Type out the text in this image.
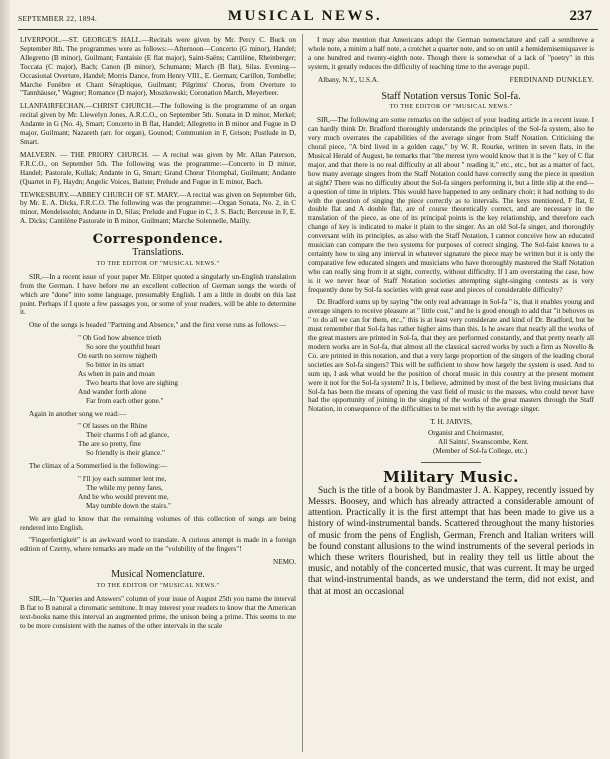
SEPTEMBER 22, 1894.	MUSICAL NEWS.	237

LIVERPOOL.—ST. GEORGE'S HALL.—Recitals were given by Mr. Percy C. Buck on September 8th. The programmes were as follows:—Afternoon—Concerto (G minor), Handel; Allegretto (B minor), Guilmant; Fantaisie (E flat major), Saint-Saëns; Cantilène, Rheinberger; Toccata (C major), Bach; Canon (B minor), Schumann; March (B flat), Silas. Evening—Occasional Overture, Handel; Morris Dance, from Henry VIII., E. German; Carillon, Tombelle; Marche Funèbre et Chant Séraphique, Guilmant; Pilgrims' Chorus, from Overture to "Tannhäuser," Wagner; Romance (D major), Moszkowski; Coronation March, Meyerbeer.

LLANFAIRFECHAN.—CHRIST CHURCH.—The following is the programme of an organ recital given by Mr. Llewelyn Jones, A.R.C.O., on September 5th. Sonata in D minor, Merkel; Andante in G (No. 4), Smart; Concerto in B flat, Handel; Allegretto in B minor and Fugue in D major, Guilmant; Nazareth (arr. for organ), Gounod; Communion in F, Grison; Postlude in D, Smart.

MALVERN. — THE PRIORY CHURCH. — A recital was given by Mr. Allan Paterson, F.R.C.O., on September 5th. The following was the programme:—Concerto in D minor, Handel; Pastorale, Kullak; Andante in G, Smart; Grand Chœur Triomphal, Guilmant; Andante (Quartet in F), Haydn; Angelic Voices, Batiste; Prelude and Fugue in E minor, Bach.

TEWKESBURY.—ABBEY CHURCH OF ST. MARY.—A recital was given on September 6th, by Mr. E. A. Dicks, F.R.C.O. The following was the programme:—Organ Sonata, No. 2, in C minor, Mendelssohn; Andante in D, Silas; Prelude and Fugue in C, J. S. Bach; Berceuse in F, E. A. Dicks; Cantilène Pastorale in B minor, Guilmant; Marche Solennelle, Mailly.

Correspondence.
Translations.
TO THE EDITOR OF "MUSICAL NEWS."

SIR,—In a recent issue of your paper Mr. Elitper quoted a singularly un-English translation from the German. I have before me an excellent collection of German songs the words of which are "done" into some language, presumably English. I am a little in doubt on this last point. Perhaps if I quote a few passages you, or some of your readers, will be able to determine it.

One of the songs is headed "Partning and Absence," and the first verse runs as follows:—

" Oh God how absence trieth
So sore the youthful heart
On earth no sorrow nigheth
So bitter in its smart
As when in pain and moan
Two hearts that love are sighing
And wander forth alone
Far from each other gone."

Again in another song we read:—

" Of lasses on the Rhine
Their charms I oft ad glance,
The are so pretty, fine
So friendly is their glance."

The climax of a Sommerlied is the following:—

" I'll joy each summer lent me,
The while my penny fares,
And he who would prevent me,
May tumble down the stairs."

We are glad to know that the remaining volumes of this collection of songs are being rendered into English.

"Fingerfertigkeit" is an awkward word to translate. A curious attempt is made in a foreign edition of Czerny, where remarks are made on the "volubility of the fingers"!

NEMO.
Musical Nomenclature.
TO THE EDITOR OF "MUSICAL NEWS."

SIR,—In "Queries and Answers" column of your issue of August 25th you name the interval B flat to B natural a chromatic semitone. It may interest your readers to know that the American text-books name this interval an augmented prime, the unison being a prime. This seems to me to be more consistent with the names of the other intervals in the scale

I may also mention that Americans adopt the German nomenclature and call a semibreve a whole note, a minim a half note, a crotchet a quarter note, and so on until a hemidemisemiquaver is a one hundred and twenty-eighth note. Though there is somewhat of a lack of "poetry" in this system, it greatly reduces the difficulty of teaching time to the average pupil.

Albany, N.Y., U.S.A.	FERDINAND DUNKLEY.
Staff Notation versus Tonic Sol-fa.
TO THE EDITOR OF "MUSICAL NEWS."

SIR,—The following are some remarks on the subject of your leading article in a recent issue. I can hardly think Dr. Bradford thoroughly understands the principles of the Sol-fa system, also he very much overrates the capabilities of the average singer from Staff Notation. Criticising the choral piece, "A bird lived in a golden cage," by W. R. Rourke, written in seven flats, in the Musical Herald of August, he remarks that "the merest tyro would know that it is the " key of C flat major, and that there is no real difficulty at all about " reading it," etc., etc., but as a matter of fact, how many average singers from the Staff Notation could have correctly sung the piece in question at sight? There was no difficulty about the Sol-fa singers performing it, but a little slip at the end—a question of time in triplets. This would have happened to any ordinary choir; it had nothing to do with the question of singing the piece correctly as to intervals. The keys mentioned, F flat, E double flat and A double flat, are of course theoretically correct, and are necessary in the translation of the piece, as one of its principal points is the key relationship, and therefore each change of key is indicated to make it plain to the singer. As an old Sol-fa singer, and thoroughly conversant with its principles, as also with the Staff Notation, I cannot conceive how an educated musician can compare the two systems for purposes of correct singing. The Sol-faist knows to a certainty how to sing any interval in whatever signature the piece may be written but it is only the comparative few educated singers and musicians who have thoroughly mastered the Staff Notation who can really sing from it at sight, correctly, without difficulty. If I am overstating the case, how is it we never hear of Staff Notation societies attempting sight-singing contests as is very frequently done by Sol-fa societies with great ease and pieces of considerable difficulty?

Dr. Bradford sums up by saying "the only real advantage in Sol-fa " is, that it enables young and average singers to receive pleasure at " little cost," and he is good enough to add that "it behoves us " to do all we can for them, etc.," this is at least very considerate and kind of Dr. Bradford, but he must remember that Sol-fa has rather higher aims than this. Is he aware that nearly all the works of the great masters are printed in Sol-fa, that they are performed constantly, and that pretty nearly all modern works are in Sol-fa, that almost all the classical sacred works by such a firm as Novello & Co. are printed in this notation, and that a very large proportion of the singers of the leading choral societies are Sol-fa singers? This will be sufficient to show how largely the system is used. And to sum up, I ask what would be the position of choral music in this country at the present moment were it not for the Sol-fa system? It is, I believe, admitted by most of the best living musicians that Sol-fa has been the means of opening the vast field of music to the masses, who could never have had the opportunity of joining in the singing of the works of the great masters through the Staff Notation, in consequence of the difficulties to be met with by the average singer.

T. H. JARVIS,
Organist and Choirmaster,
All Saints', Swanscombe, Kent.
(Member of Sol-fa College, etc.)
Military Music.

Such is the title of a book by Bandmaster J. A. Kappey, recently issued by Messrs. Boosey, and which has already attracted a considerable amount of attention. Practically it is the first attempt that has been made to give us a history of wind-instrumental bands. Scattered throughout the many histories of music from the pens of English, German, French and Italian writers will be found constant allusions to the wind instruments of the several periods in which these writers flourished, but in reality they tell us little about the music, and notably of the concerted music, that was current. It may be urged that wind-instrumental bands, as we understand the term, did not exist, and that at most an occasional
